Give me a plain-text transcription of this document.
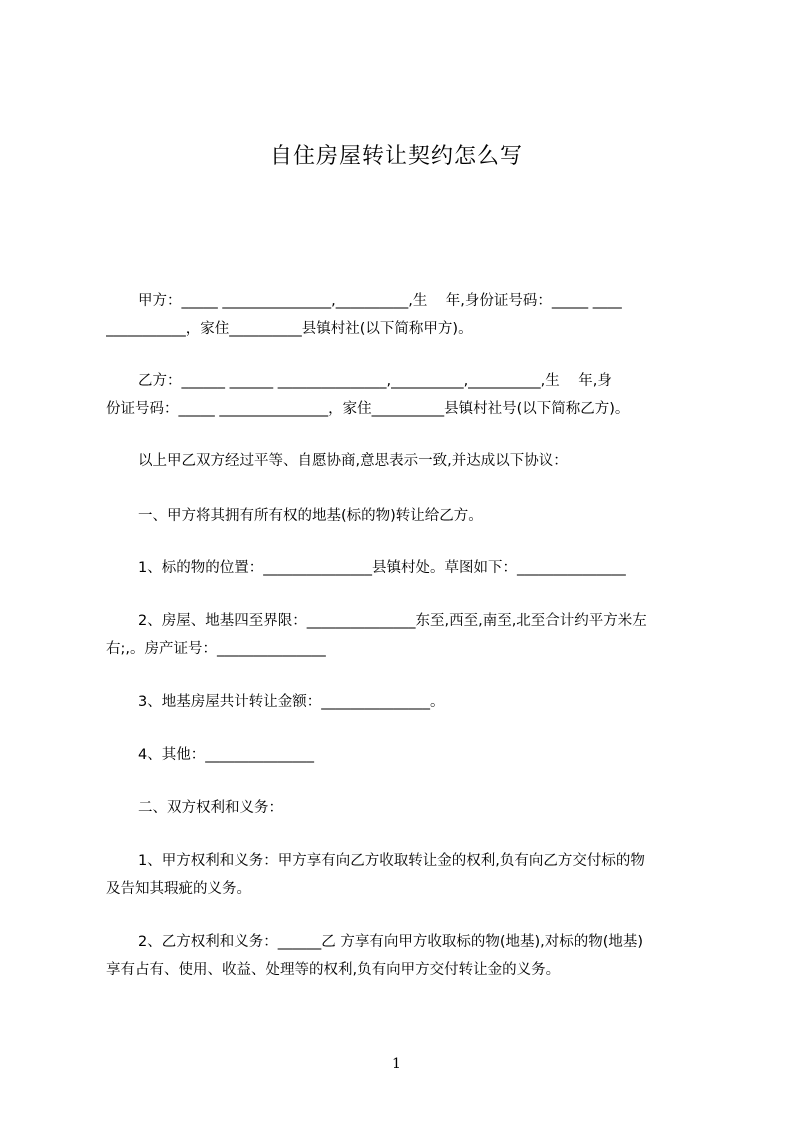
自住房屋转让契约怎么写
甲方：_____ _______________,__________,生    年,身份证号码：_____ ____
___________，家住__________县镇村社(以下简称甲方)。
乙方：______ ______ _______________,__________,__________,生    年,身
份证号码：_____ _______________，家住__________县镇村社号(以下简称乙方)。
以上甲乙双方经过平等、自愿协商,意思表示一致,并达成以下协议：
一、甲方将其拥有所有权的地基(标的物)转让给乙方。
1、标的物的位置：_______________县镇村处。草图如下：_______________
2、房屋、地基四至界限：_______________东至,西至,南至,北至合计约平方米左
右;,。房产证号：_______________
3、地基房屋共计转让金额：_______________。
4、其他：_______________
二、双方权利和义务：
1、甲方权利和义务：甲方享有向乙方收取转让金的权利,负有向乙方交付标的物
及告知其瑕疵的义务。
2、乙方权利和义务：______乙 方享有向甲方收取标的物(地基),对标的物(地基)
享有占有、使用、收益、处理等的权利,负有向甲方交付转让金的义务。
1
